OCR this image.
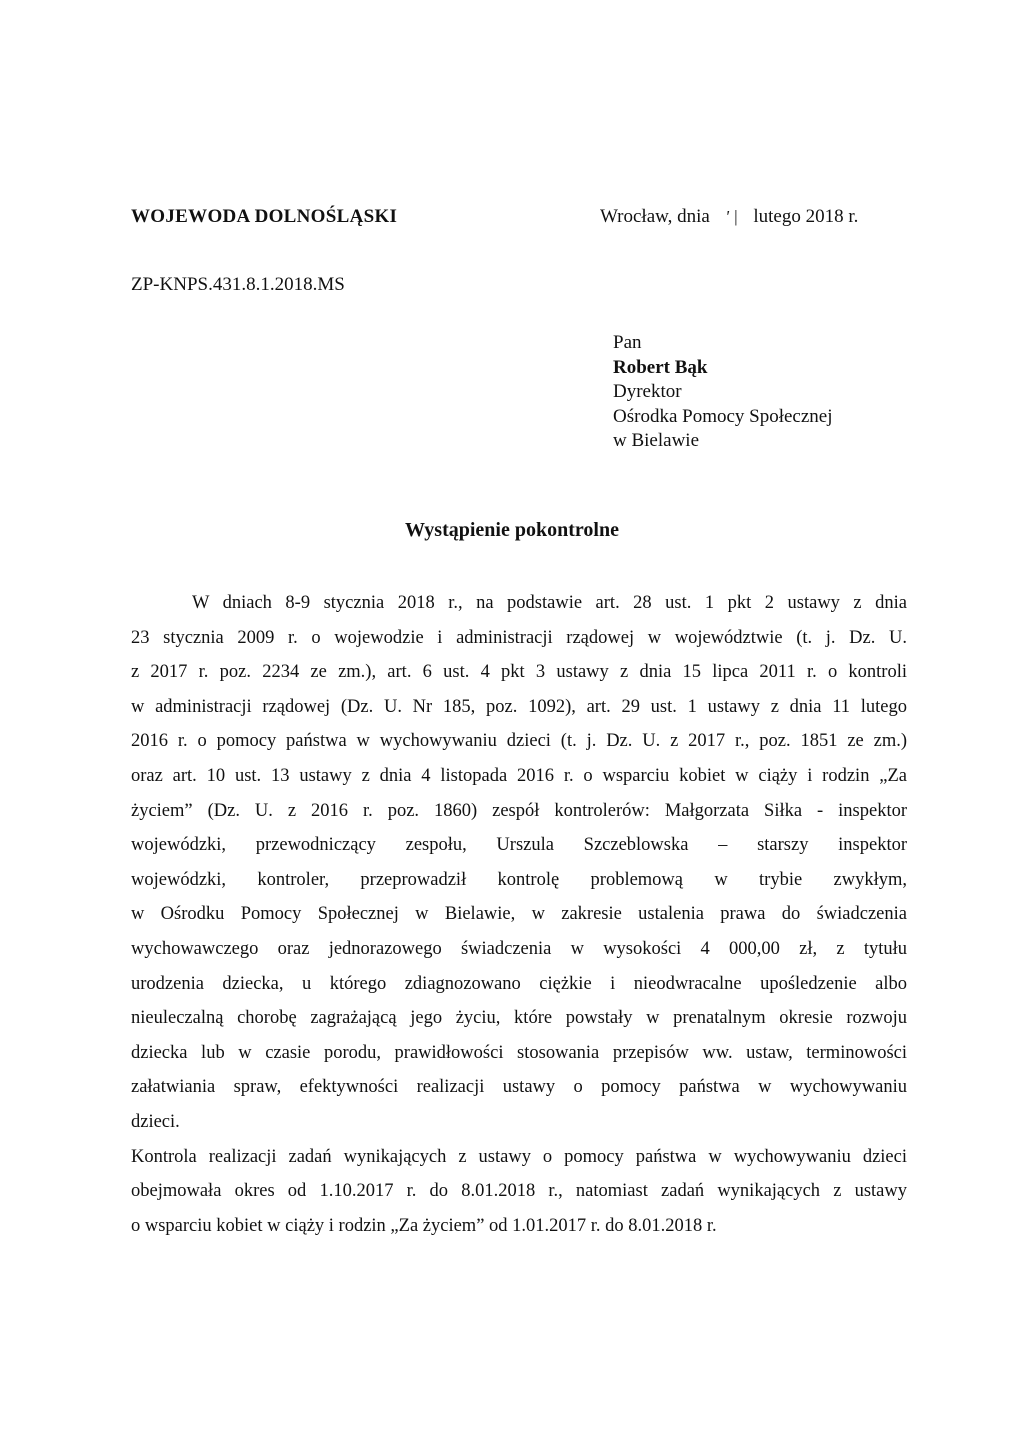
WOJEWODA DOLNOŚLĄSKI	Wrocław, dnia ' | lutego 2018 r.
ZP-KNPS.431.8.1.2018.MS
Pan
Robert Bąk
Dyrektor
Ośrodka Pomocy Społecznej
w Bielawie
Wystąpienie pokontrolne
W dniach 8-9 stycznia 2018 r., na podstawie art. 28 ust. 1 pkt 2 ustawy z dnia
23 stycznia 2009 r. o wojewodzie i administracji rządowej w województwie (t. j. Dz. U.
z 2017 r. poz. 2234 ze zm.), art. 6 ust. 4 pkt 3 ustawy z dnia 15 lipca 2011 r. o kontroli
w administracji rządowej (Dz. U. Nr 185, poz. 1092), art. 29 ust. 1 ustawy z dnia 11 lutego
2016 r. o pomocy państwa w wychowywaniu dzieci (t. j. Dz. U. z 2017 r., poz. 1851 ze zm.)
oraz art. 10 ust. 13 ustawy z dnia 4 listopada 2016 r. o wsparciu kobiet w ciąży i rodzin „Za
życiem” (Dz. U. z 2016 r. poz. 1860) zespół kontrolerów: Małgorzata Siłka - inspektor
wojewódzki, przewodniczący zespołu, Urszula Szczeblowska – starszy inspektor
wojewódzki, kontroler, przeprowadził kontrolę problemową w trybie zwykłym,
w Ośrodku Pomocy Społecznej w Bielawie, w zakresie ustalenia prawa do świadczenia
wychowawczego oraz jednorazowego świadczenia w wysokości 4 000,00 zł, z tytułu
urodzenia dziecka, u którego zdiagnozowano ciężkie i nieodwracalne upośledzenie albo
nieuleczalną chorobę zagrażającą jego życiu, które powstały w prenatalnym okresie rozwoju
dziecka lub w czasie porodu, prawidłowości stosowania przepisów ww. ustaw, terminowości
załatwiania spraw, efektywności realizacji ustawy o pomocy państwa w wychowywaniu
dzieci.
Kontrola realizacji zadań wynikających z ustawy o pomocy państwa w wychowywaniu dzieci
obejmowała okres od 1.10.2017 r. do 8.01.2018 r., natomiast zadań wynikających z ustawy
o wsparciu kobiet w ciąży i rodzin „Za życiem” od 1.01.2017 r. do 8.01.2018 r.
